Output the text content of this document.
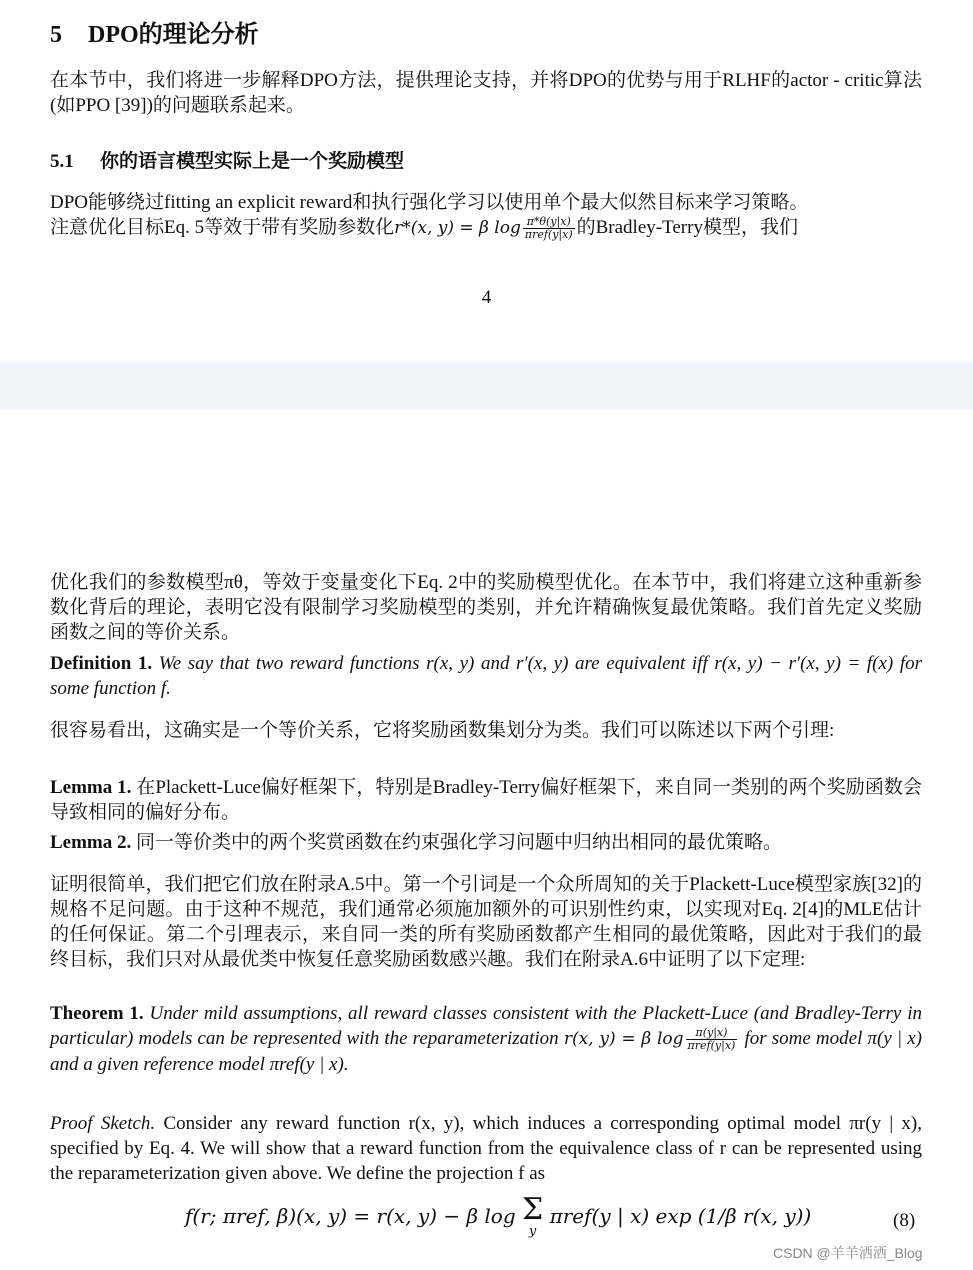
5 DPO的理论分析

在本节中，我们将进一步解释DPO方法，提供理论支持，并将DPO的优势与用于RLHF的actor - critic算法(如PPO [39])的问题联系起来。

5.1 你的语言模型实际上是一个奖励模型
DPO能够绕过fitting an explicit reward和执行强化学习以使用单个最大似然目标来学习策略。
注意优化目标Eq. 5等效于带有奖励参数化r*(x, y) = β $\log \frac{\pi*\theta(y|x)}{\text{πref(y|x)}}$ 的Bradley-Terry模型，我们
4

优化我们的参数模型πθ，等效于变量变化下Eq. 2中的奖励模型优化。在本节中，我们将建立这种重新参数化背后的理论，表明它没有限制学习奖励模型的类别，并允许精确恢复最优策略。我们首先定义奖励函数之间的等价关系。

Definition 1. We say that two reward functions r(x, y) and r′(x, y) are equivalent iff r(x, y) − r′(x, y) = f(x) for some function f.

很容易看出，这确实是一个等价关系，它将奖励函数集划分为类。我们可以陈述以下两个引理:

Lemma 1. 在Plackett-Luce偏好框架下，特别是Bradley-Terry偏好框架下，来自同一类别的两个奖励函数会导致相同的偏好分布。

Lemma 2. 同一等价类中的两个奖赏函数在约束强化学习问题中归纳出相同的最优策略。

证明很简单，我们把它们放在附录A.5中。第一个引词是一个众所周知的关于Plackett-Luce模型家族[32]的规格不足问题。由于这种不规范，我们通常必须施加额外的可识别性约束，以实现对Eq. 2[4]的MLE估计的任何保证。第二个引理表示，来自同一类的所有奖励函数都产生相同的最优策略，因此对于我们的最终目标，我们只对从最优类中恢复任意奖励函数感兴趣。我们在附录A.6中证明了以下定理:

Theorem 1. Under mild assumptions, all reward classes consistent with the Plackett-Luce (and Bradley-Terry in particular) models can be represented with the reparameterization r(x, y) = β $\log \frac{\pi(y|x)}{\text{πref(y|x)}}$ for some model π(y | x) and a given reference model πref(y | x).

Proof Sketch. Consider any reward function r(x, y), which induces a corresponding optimal model πr(y | x), specified by Eq. 4. We will show that a reward function from the equivalence class of r can be represented using the reparameterization given above. We define the projection f as

f(r; πref, β)(x, y) = r(x, y) − β log Σ
y
πref(y | x) exp (1/β r(x, y))	(8)
CSDN @羊羊洒洒_Blog
